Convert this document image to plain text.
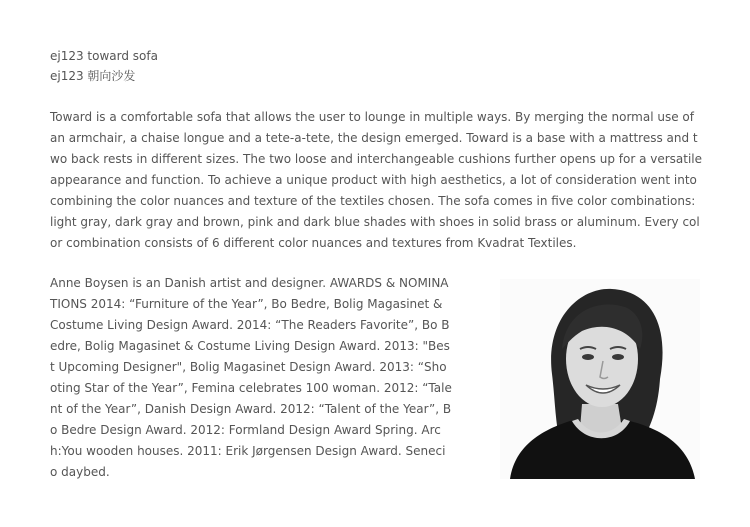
ej123 toward sofa
ej123 朝向沙发

Toward is a comfortable sofa that allows the user to lounge in multiple ways. By merging the normal use of an armchair, a chaise longue and a tete-a-tete, the design emerged. Toward is a base with a mattress and two back rests in different sizes. The two loose and interchangeable cushions further opens up for a versatile appearance and function. To achieve a unique product with high aesthetics, a lot of consideration went into combining the color nuances and texture of the textiles chosen. The sofa comes in five color combinations: light gray, dark gray and brown, pink and dark blue shades with shoes in solid brass or aluminum. Every color combination consists of 6 different color nuances and textures from Kvadrat Textiles.

Anne Boysen is an Danish artist and designer. AWARDS & NOMINATIONS 2014: “Furniture of the Year”, Bo Bedre, Bolig Magasinet & Costume Living Design Award. 2014: “The Readers Favorite”, Bo Bedre, Bolig Magasinet & Costume Living Design Award. 2013: "Best Upcoming Designer", Bolig Magasinet Design Award. 2013: “Shooting Star of the Year”, Femina celebrates 100 woman. 2012: “Talent of the Year”, Danish Design Award. 2012: “Talent of the Year”, Bo Bedre Design Award. 2012: Formland Design Award Spring. Arch:You wooden houses. 2011: Erik Jørgensen Design Award. Senecio daybed.
